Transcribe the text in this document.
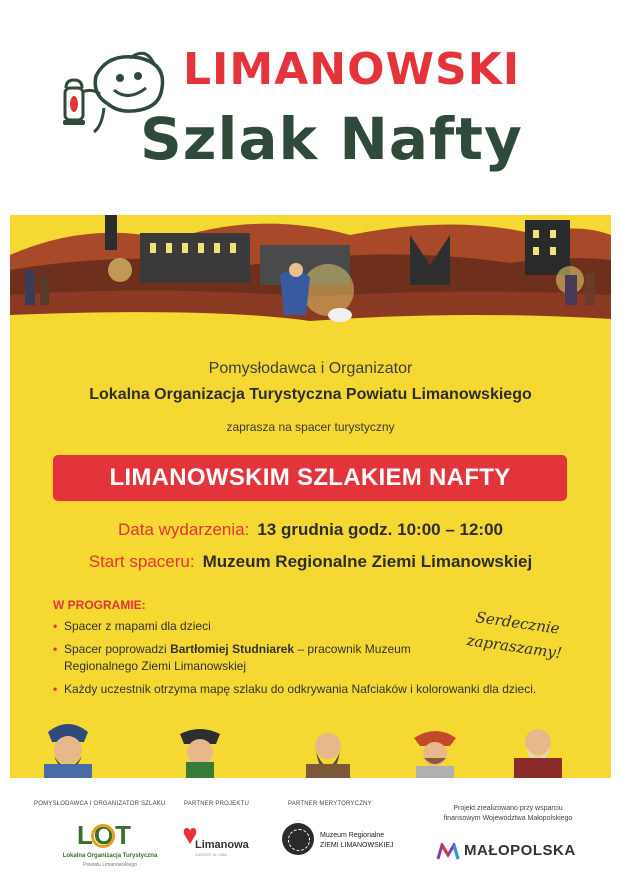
LIMANOWSKI
Szlak Nafty
Pomysłodawca i Organizator
Lokalna Organizacja Turystyczna Powiatu Limanowskiego
zaprasza na spacer turystyczny
LIMANOWSKIM SZLAKIEM NAFTY
Data wydarzenia: 13 grudnia godz. 10:00 – 12:00
Start spaceru: Muzeum Regionalne Ziemi Limanowskiej
W PROGRAMIE:
• Spacer z mapami dla dzieci
• Spacer poprowadzi Bartłomiej Studniarek – pracownik Muzeum Regionalnego Ziemi Limanowskiej
• Każdy uczestnik otrzyma mapę szlaku do odkrywania Nafciaków i kolorowanki dla dzieci.
Serdecznie
zapraszamy!
POMYSŁODAWCA I ORGANIZATOR SZLAKU	PARTNER PROJEKTU	PARTNER MERYTORYCZNY
Projekt zrealizowano przy wsparciu
finansowym Województwa Małopolskiego
LOT
Lokalna Organizacja Turystyczna
Powiatu Limanowskiego
Limanowa
ZAWSZE W LIMA
Muzeum Regionalne
ZIEMI LIMANOWSKIEJ	MAŁOPOLSKA
